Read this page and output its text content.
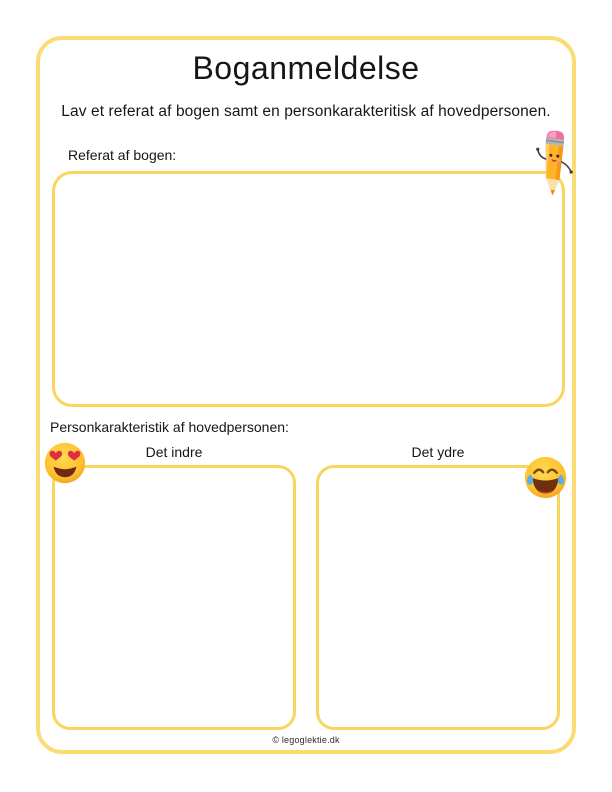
Boganmeldelse

Lav et referat af bogen samt en personkarakteritisk af hovedpersonen.

Referat af bogen:
Personkarakteristik af hovedpersonen:
Det indre	Det ydre
© legoglektie.dk
